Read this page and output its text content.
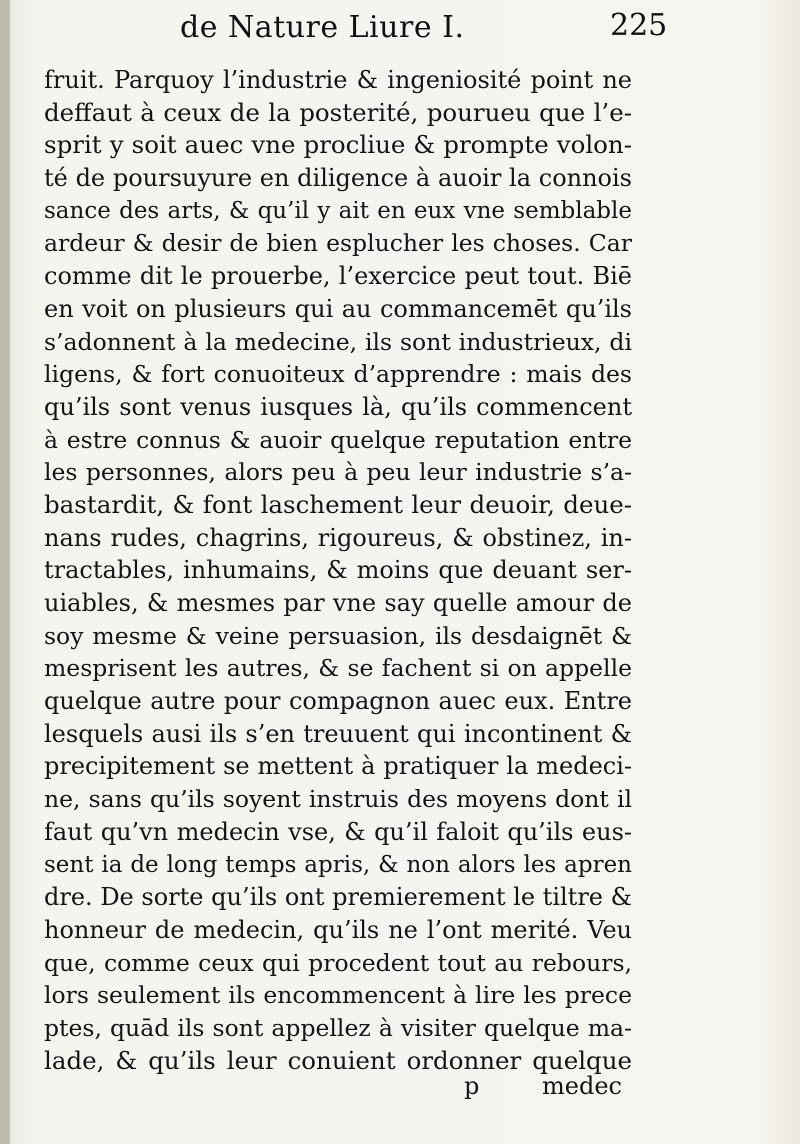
de Nature Liure I.	225
fruit. Parquoy l’industrie & ingeniosité point ne
deffaut à ceux de la posterité, pourueu que l’e-
sprit y soit auec vne procliue & prompte volon-
té de poursuyure en diligence à auoir la connois
sance des arts, & qu’il y ait en eux vne semblable
ardeur & desir de bien esplucher les choses. Car
comme dit le prouerbe, l’exercice peut tout. Biē
en voit on plusieurs qui au commancemēt qu’ils
s’adonnent à la medecine, ils sont industrieux, di
ligens, & fort conuoiteux d’apprendre : mais des
qu’ils sont venus iusques là, qu’ils commencent
à estre connus & auoir quelque reputation entre
les personnes, alors peu à peu leur industrie s’a-
bastardit, & font laschement leur deuoir, deue-
nans rudes, chagrins, rigoureus, & obstinez, in-
tractables, inhumains, & moins que deuant ser-
uiables, & mesmes par vne say quelle amour de
soy mesme & veine persuasion, ils desdaignēt &
mesprisent les autres, & se fachent si on appelle
quelque autre pour compagnon auec eux. Entre
lesquels ausi ils s’en treuuent qui incontinent &
precipitement se mettent à pratiquer la medeci-
ne, sans qu’ils soyent instruis des moyens dont il
faut qu’vn medecin vse, & qu’il faloit qu’ils eus-
sent ia de long temps apris, & non alors les apren
dre. De sorte qu’ils ont premierement le tiltre &
honneur de medecin, qu’ils ne l’ont merité. Veu
que, comme ceux qui procedent tout au rebours,
lors seulement ils encommencent à lire les prece
ptes, quād ils sont appellez à visiter quelque ma-
lade, & qu’ils leur conuient ordonner quelque
p	medec
